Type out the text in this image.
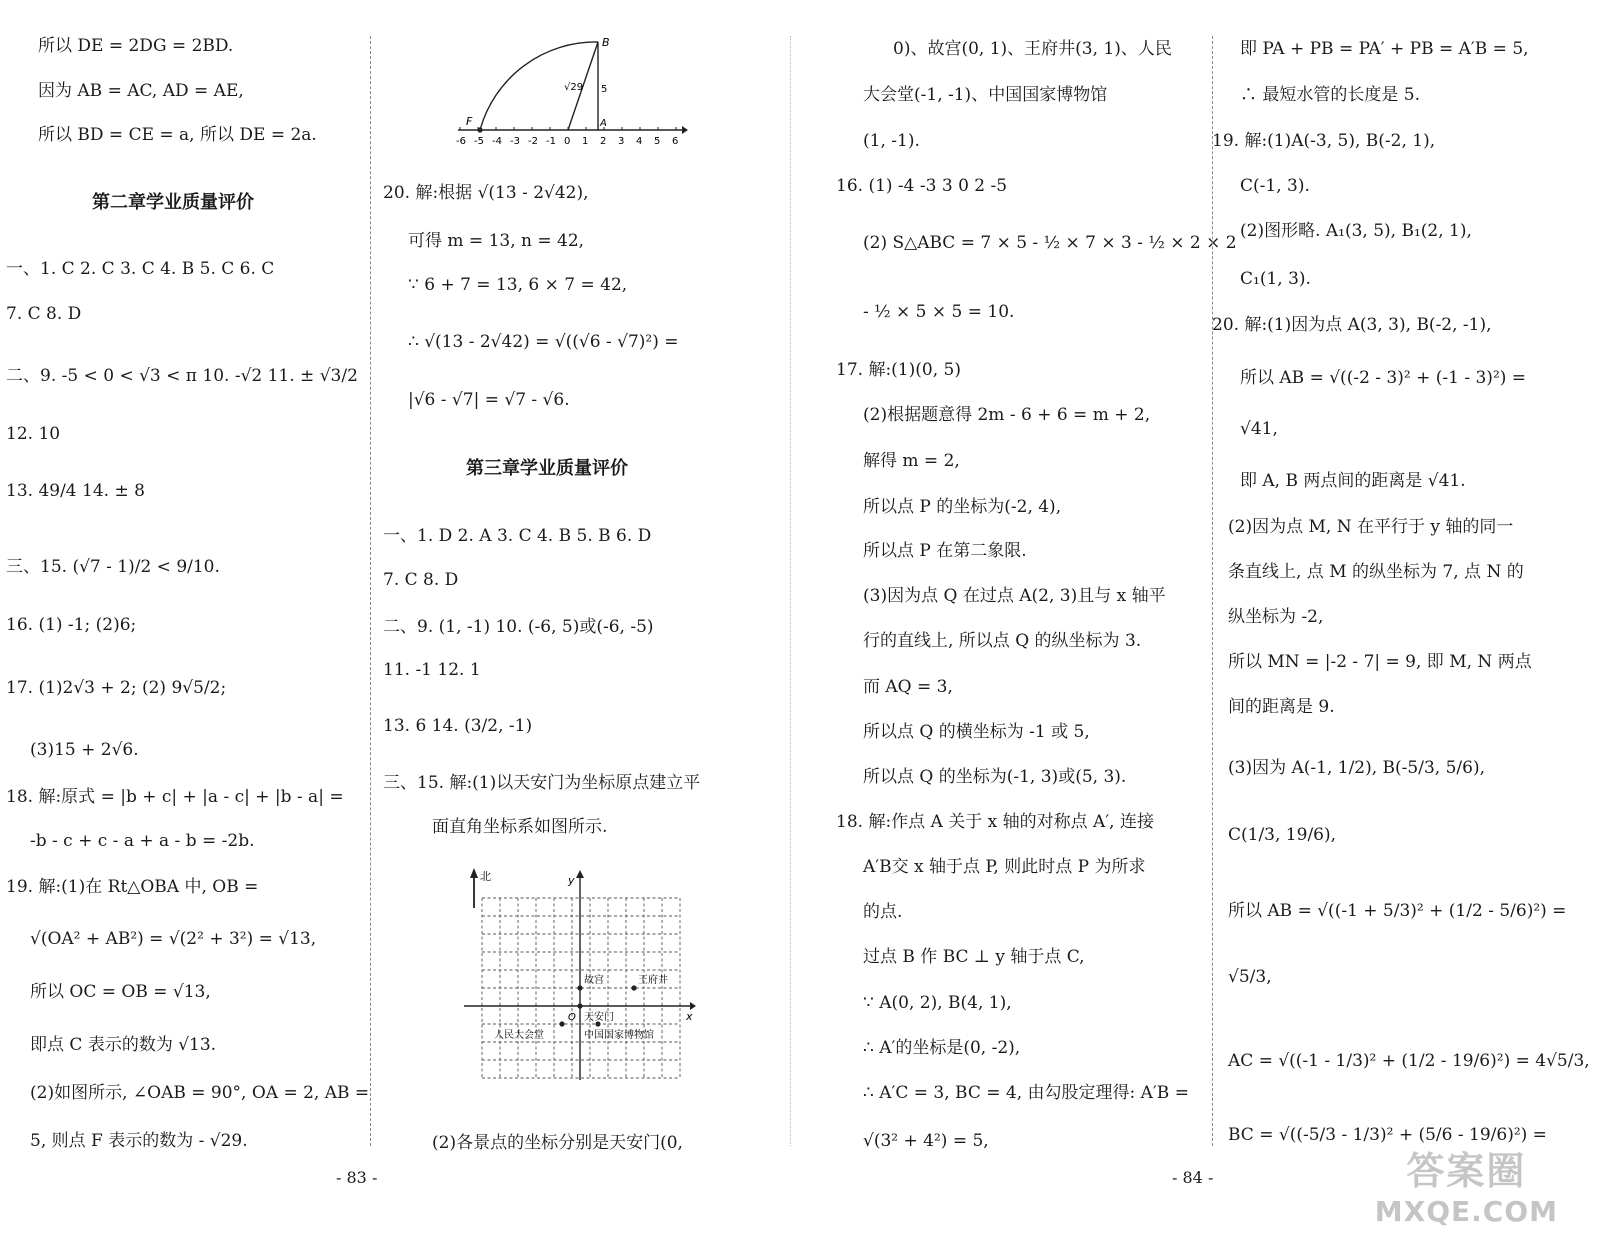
所以 DE = 2DG = 2BD.
因为 AB = AC, AD = AE,
所以 BD = CE = a, 所以 DE = 2a.
第二章学业质量评价
一、1. C 2. C 3. C 4. B 5. C 6. C
7. C 8. D
二、9. -5 < 0 < √3 < π 10. -√2 11. ± √3/2
12. 10
13. 49/4 14. ± 8
三、15. (√7 - 1)/2 < 9/10.
16. (1) -1; (2)6;
17. (1)2√3 + 2; (2) 9√5/2;
(3)15 + 2√6.
18. 解:原式 = |b + c| + |a - c| + |b - a| =
-b - c + c - a + a - b = -2b.
19. 解:(1)在 Rt△OBA 中, OB =
√(OA² + AB²) = √(2² + 3²) = √13,
所以 OC = OB = √13,
即点 C 表示的数为 √13.
(2)如图所示, ∠OAB = 90°, OA = 2, AB =
5, 则点 F 表示的数为 - √29.
B
F	A
√29 5
-6 -5 -4 -3 -2 -1 0 1 2 3 4 5 6
20. 解:根据 √(13 - 2√42),
可得 m = 13, n = 42,
∵ 6 + 7 = 13, 6 × 7 = 42,
∴ √(13 - 2√42) = √((√6 - √7)²) =
|√6 - √7| = √7 - √6.
第三章学业质量评价
一、1. D 2. A 3. C 4. B 5. B 6. D
7. C 8. D
二、9. (1, -1) 10. (-6, 5)或(-6, -5)
11. -1 12. 1
13. 6 14. (3/2, -1)
三、15. 解:(1)以天安门为坐标原点建立平
面直角坐标系如图所示.
北	y
x
O
故宫	王府井
天安门
人民大会堂	中国国家博物馆
(2)各景点的坐标分别是天安门(0,
- 83 -
0)、故宫(0, 1)、王府井(3, 1)、人民
大会堂(-1, -1)、中国国家博物馆
(1, -1).
16. (1) -4 -3 3 0 2 -5
(2) S△ABC = 7 × 5 - ½ × 7 × 3 - ½ × 2 × 2
- ½ × 5 × 5 = 10.
17. 解:(1)(0, 5)
(2)根据题意得 2m - 6 + 6 = m + 2,
解得 m = 2,
所以点 P 的坐标为(-2, 4),
所以点 P 在第二象限.
(3)因为点 Q 在过点 A(2, 3)且与 x 轴平
行的直线上, 所以点 Q 的纵坐标为 3.
而 AQ = 3,
所以点 Q 的横坐标为 -1 或 5,
所以点 Q 的坐标为(-1, 3)或(5, 3).
18. 解:作点 A 关于 x 轴的对称点 A′, 连接
A′B交 x 轴于点 P, 则此时点 P 为所求
的点.
过点 B 作 BC ⊥ y 轴于点 C,
∵ A(0, 2), B(4, 1),
∴ A′的坐标是(0, -2),
∴ A′C = 3, BC = 4, 由勾股定理得: A′B =
√(3² + 4²) = 5,
即 PA + PB = PA′ + PB = A′B = 5,
∴ 最短水管的长度是 5.
19. 解:(1)A(-3, 5), B(-2, 1),
C(-1, 3).
(2)图形略. A₁(3, 5), B₁(2, 1),
C₁(1, 3).
20. 解:(1)因为点 A(3, 3), B(-2, -1),
所以 AB = √((-2 - 3)² + (-1 - 3)²) =
√41,
即 A, B 两点间的距离是 √41.
(2)因为点 M, N 在平行于 y 轴的同一
条直线上, 点 M 的纵坐标为 7, 点 N 的
纵坐标为 -2,
所以 MN = |-2 - 7| = 9, 即 M, N 两点
间的距离是 9.
(3)因为 A(-1, 1/2), B(-5/3, 5/6),
C(1/3, 19/6),
所以 AB = √((-1 + 5/3)² + (1/2 - 5/6)²) =
√5/3,
AC = √((-1 - 1/3)² + (1/2 - 19/6)²) = 4√5/3,
BC = √((-5/3 - 1/3)² + (5/6 - 19/6)²) =
- 84 -	答案圈
MXQE.COM
